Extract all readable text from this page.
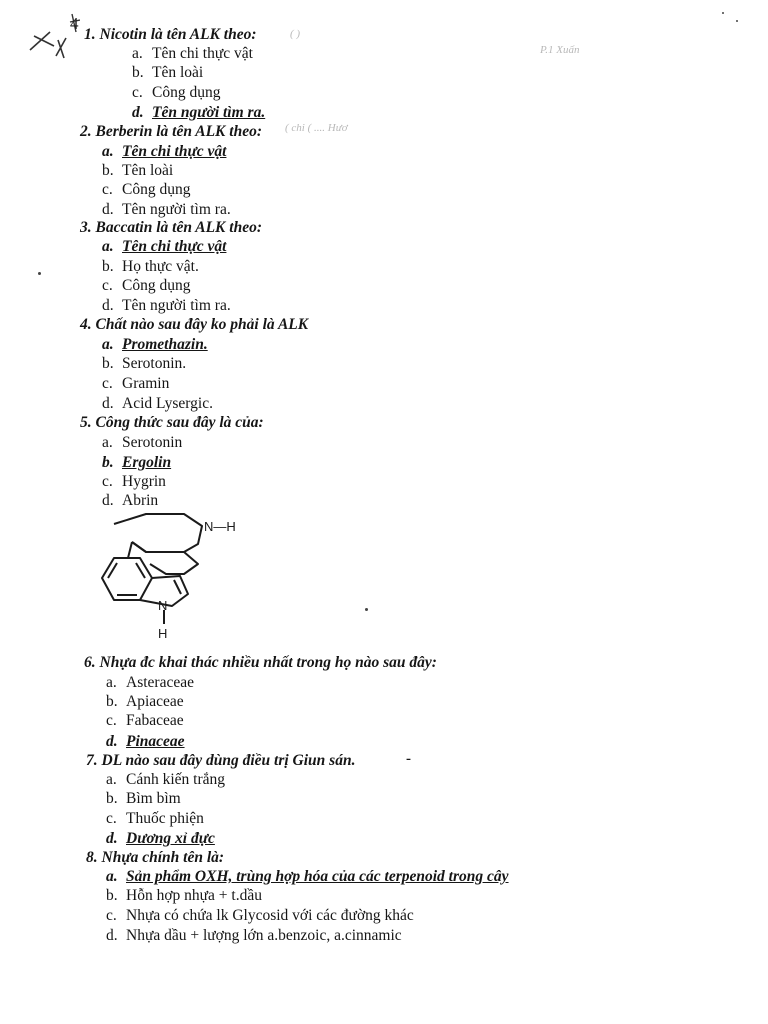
4
( )
P.1 Xuấn
( chi ( .... Hươ
1. Nicotin là tên ALK theo:
a. Tên chi thực vật
b. Tên loài
c. Công dụng
d. Tên người tìm ra.
2. Berberin là tên ALK theo:
a. Tên chi thực vật
b. Tên loài
c. Công dụng
d. Tên người tìm ra.
3. Baccatin là tên ALK theo:
a. Tên chi thực vật
b. Họ thực vật.
c. Công dụng
d. Tên người tìm ra.
4. Chất nào sau đây ko phải là ALK
a. Promethazin.
b. Serotonin.
c. Gramin
d. Acid Lysergic.
5. Công thức sau đây là của:
a. Serotonin
b. Ergolin
c. Hygrin
d. Abrin
N—H
N
H
6. Nhựa đc khai thác nhiều nhất trong họ nào sau đây:
a. Asteraceae
b. Apiaceae
c. Fabaceae
d. Pinaceae
7. DL nào sau đây dùng điều trị Giun sán.	-
a. Cánh kiến trắng
b. Bìm bìm
c. Thuốc phiện
d. Dương xỉ đực
8. Nhựa chính tên là:
a. Sản phẩm OXH, trùng hợp hóa của các terpenoid trong cây
b. Hỗn hợp nhựa + t.dầu
c. Nhựa có chứa lk Glycosid với các đường khác
d. Nhựa dầu + lượng lớn a.benzoic, a.cinnamic
